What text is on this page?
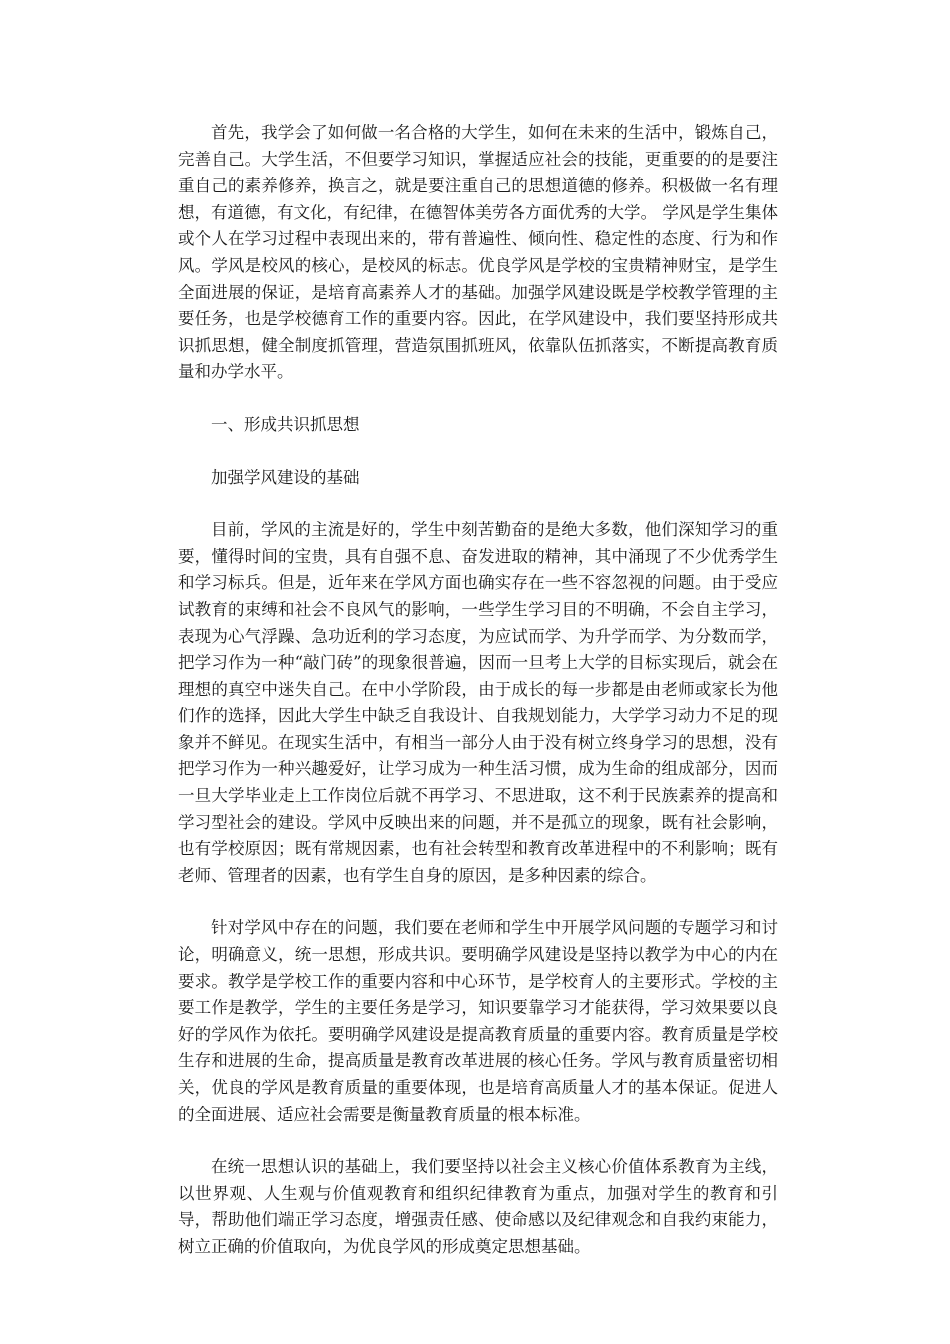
首先，我学会了如何做一名合格的大学生，如何在未来的生活中，锻炼自己，完善自己。大学生活，不但要学习知识，掌握适应社会的技能，更重要的的是要注重自己的素养修养，换言之，就是要注重自己的思想道德的修养。积极做一名有理想，有道德，有文化，有纪律，在德智体美劳各方面优秀的大学。 学风是学生集体或个人在学习过程中表现出来的，带有普遍性、倾向性、稳定性的态度、行为和作风。学风是校风的核心，是校风的标志。优良学风是学校的宝贵精神财宝，是学生全面进展的保证，是培育高素养人才的基础。加强学风建设既是学校教学管理的主要任务，也是学校德育工作的重要内容。因此，在学风建设中，我们要坚持形成共识抓思想，健全制度抓管理，营造氛围抓班风，依靠队伍抓落实，不断提高教育质量和办学水平。

一、形成共识抓思想

加强学风建设的基础

目前，学风的主流是好的，学生中刻苦勤奋的是绝大多数，他们深知学习的重要，懂得时间的宝贵，具有自强不息、奋发进取的精神，其中涌现了不少优秀学生和学习标兵。但是，近年来在学风方面也确实存在一些不容忽视的问题。由于受应试教育的束缚和社会不良风气的影响，一些学生学习目的不明确，不会自主学习，表现为心气浮躁、急功近利的学习态度，为应试而学、为升学而学、为分数而学，把学习作为一种“敲门砖”的现象很普遍，因而一旦考上大学的目标实现后，就会在理想的真空中迷失自己。在中小学阶段，由于成长的每一步都是由老师或家长为他们作的选择，因此大学生中缺乏自我设计、自我规划能力，大学学习动力不足的现象并不鲜见。在现实生活中，有相当一部分人由于没有树立终身学习的思想，没有把学习作为一种兴趣爱好，让学习成为一种生活习惯，成为生命的组成部分，因而一旦大学毕业走上工作岗位后就不再学习、不思进取，这不利于民族素养的提高和学习型社会的建设。学风中反映出来的问题，并不是孤立的现象，既有社会影响，也有学校原因；既有常规因素，也有社会转型和教育改革进程中的不利影响；既有老师、管理者的因素，也有学生自身的原因，是多种因素的综合。

针对学风中存在的问题，我们要在老师和学生中开展学风问题的专题学习和讨论，明确意义，统一思想，形成共识。要明确学风建设是坚持以教学为中心的内在要求。教学是学校工作的重要内容和中心环节，是学校育人的主要形式。学校的主要工作是教学，学生的主要任务是学习，知识要靠学习才能获得，学习效果要以良好的学风作为依托。要明确学风建设是提高教育质量的重要内容。教育质量是学校生存和进展的生命，提高质量是教育改革进展的核心任务。学风与教育质量密切相关，优良的学风是教育质量的重要体现，也是培育高质量人才的基本保证。促进人的全面进展、适应社会需要是衡量教育质量的根本标准。

在统一思想认识的基础上，我们要坚持以社会主义核心价值体系教育为主线，以世界观、人生观与价值观教育和组织纪律教育为重点，加强对学生的教育和引导，帮助他们端正学习态度，增强责任感、使命感以及纪律观念和自我约束能力，树立正确的价值取向，为优良学风的形成奠定思想基础。
